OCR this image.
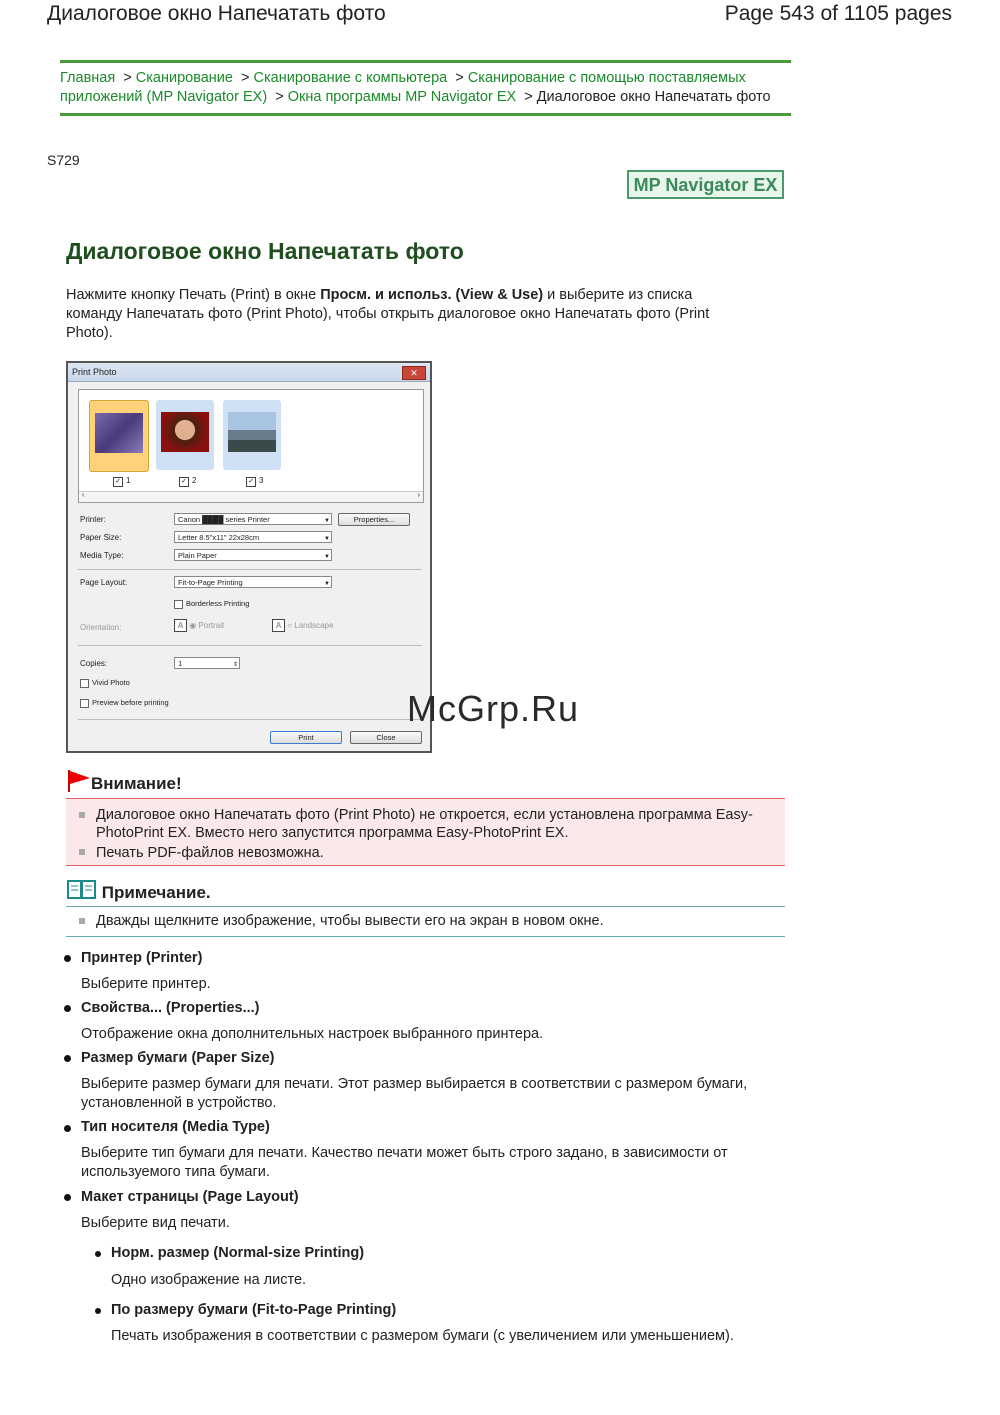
Диалоговое окно Напечатать фото	Page 543 of 1105 pages
Главная  > Сканирование  > Сканирование с компьютера  > Сканирование с помощью поставляемых приложений (MP Navigator EX)  > Окна программы MP Navigator EX  > Диалоговое окно Напечатать фото
S729
MP Navigator EX
Диалоговое окно Напечатать фото
Нажмите кнопку Печать (Print) в окне Просм. и использ. (View & Use) и выберите из списка команду Напечатать фото (Print Photo), чтобы открыть диалоговое окно Напечатать фото (Print Photo).
Print Photo	✕
✓ 1	✓ 2	✓ 3
‹	›
Printer:	Canon ████ series Printer	▼	Properties...
Paper Size:	Letter 8.5"x11" 22x28cm	▼
Media Type:	Plain Paper	▼
Page Layout:	Fit-to-Page Printing	▼
Borderless Printing
Orientation:	A ◉ Portrait	A ○ Landscape
Copies:	1	⇕
Vivid Photo
Preview before printing
Print	Close
McGrp.Ru
Внимание!
Диалоговое окно Напечатать фото (Print Photo) не откроется, если установлена программа Easy-PhotoPrint EX. Вместо него запустится программа Easy-PhotoPrint EX.
Печать PDF-файлов невозможна.
Примечание.
Дважды щелкните изображение, чтобы вывести его на экран в новом окне.
Принтер (Printer)
Выберите принтер.
Свойства... (Properties...)
Отображение окна дополнительных настроек выбранного принтера.
Размер бумаги (Paper Size)
Выберите размер бумаги для печати. Этот размер выбирается в соответствии с размером бумаги, установленной в устройство.
Тип носителя (Media Type)
Выберите тип бумаги для печати. Качество печати может быть строго задано, в зависимости от используемого типа бумаги.
Макет страницы (Page Layout)
Выберите вид печати.
Норм. размер (Normal-size Printing)
Одно изображение на листе.
По размеру бумаги (Fit-to-Page Printing)
Печать изображения в соответствии с размером бумаги (с увеличением или уменьшением).
